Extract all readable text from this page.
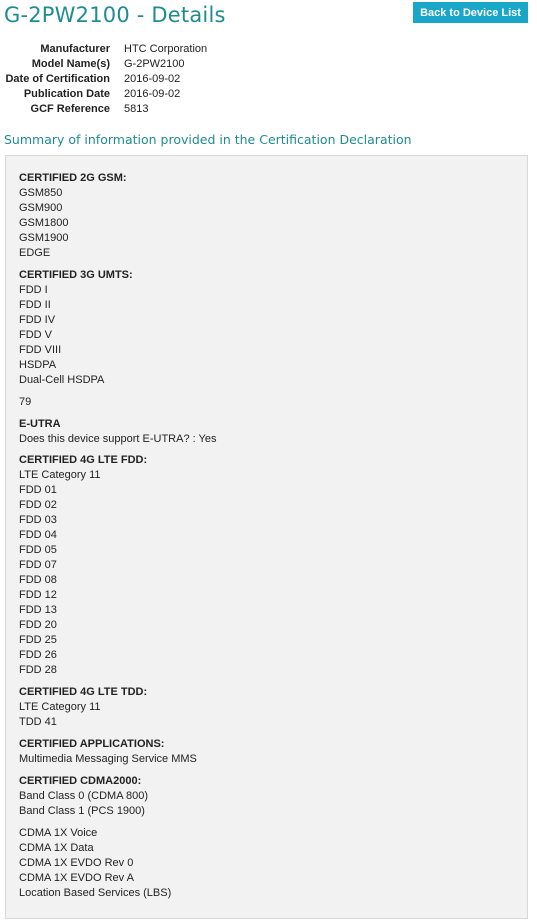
G-2PW2100 - Details	Back to Device List
Manufacturer	HTC Corporation
Model Name(s)	G-2PW2100
Date of Certification	2016-09-02
Publication Date	2016-09-02
GCF Reference	5813
Summary of information provided in the Certification Declaration
CERTIFIED 2G GSM:
GSM850
GSM900
GSM1800
GSM1900
EDGE
CERTIFIED 3G UMTS:
FDD I
FDD II
FDD IV
FDD V
FDD VIII
HSDPA
Dual-Cell HSDPA
79
E-UTRA
Does this device support E-UTRA? : Yes
CERTIFIED 4G LTE FDD:
LTE Category 11
FDD 01
FDD 02
FDD 03
FDD 04
FDD 05
FDD 07
FDD 08
FDD 12
FDD 13
FDD 20
FDD 25
FDD 26
FDD 28
CERTIFIED 4G LTE TDD:
LTE Category 11
TDD 41
CERTIFIED APPLICATIONS:
Multimedia Messaging Service MMS
CERTIFIED CDMA2000:
Band Class 0 (CDMA 800)
Band Class 1 (PCS 1900)
CDMA 1X Voice
CDMA 1X Data
CDMA 1X EVDO Rev 0
CDMA 1X EVDO Rev A
Location Based Services (LBS)
